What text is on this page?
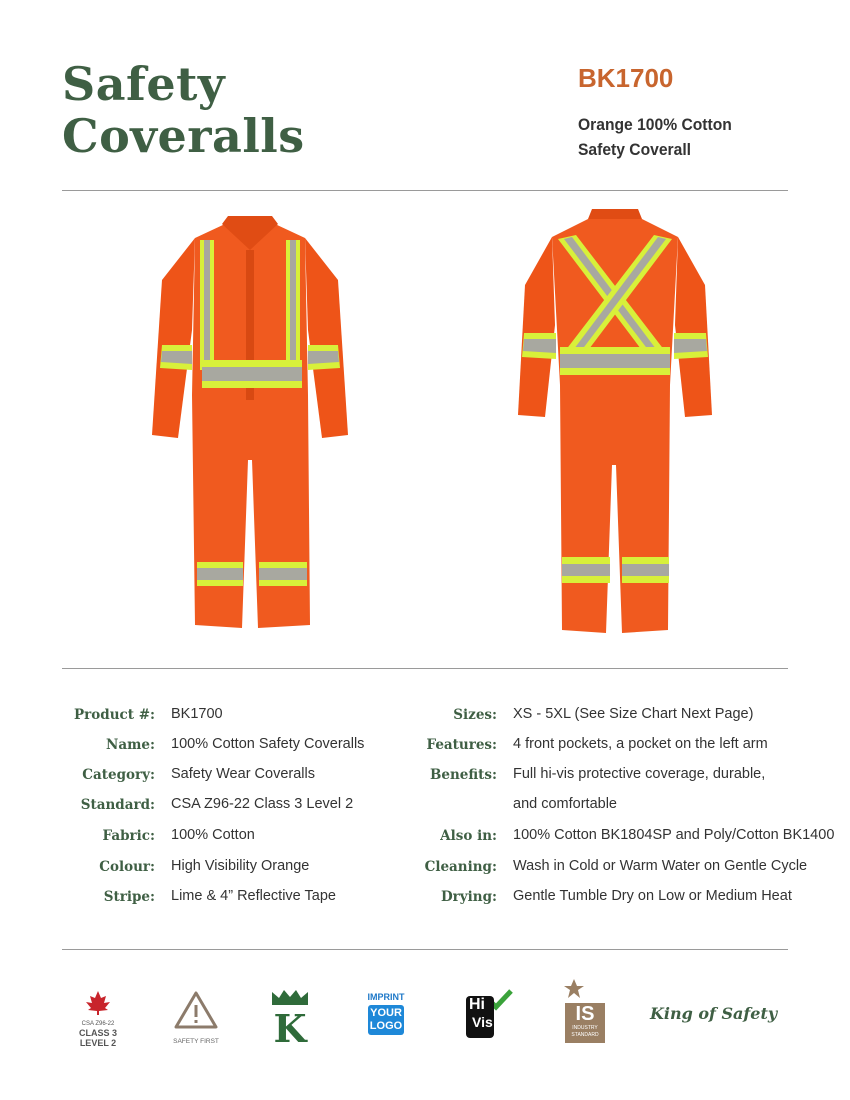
Safety
Coveralls
BK1700
Orange 100% Cotton
Safety Coverall
Product #: BK1700
Name: 100% Cotton Safety Coveralls
Category: Safety Wear Coveralls
Standard: CSA Z96-22 Class 3 Level 2
Fabric: 100% Cotton
Colour: High Visibility Orange
Stripe: Lime & 4” Reflective Tape
Sizes: XS - 5XL (See Size Chart Next Page)
Features: 4 front pockets, a pocket on the left arm
Benefits: Full hi-vis protective coverage, durable,
and comfortable
Also in: 100% Cotton BK1804SP and Poly/Cotton BK1400
Cleaning: Wash in Cold or Warm Water on Gentle Cycle
Drying: Gentle Tumble Dry on Low or Medium Heat
CSA Z96-22
CLASS 3
LEVEL 2	SAFETY FIRST K
IMPRINT
YOUR
LOGO
Hi
Vis	IS
INDUSTRY
STANDARD
King of Safety
